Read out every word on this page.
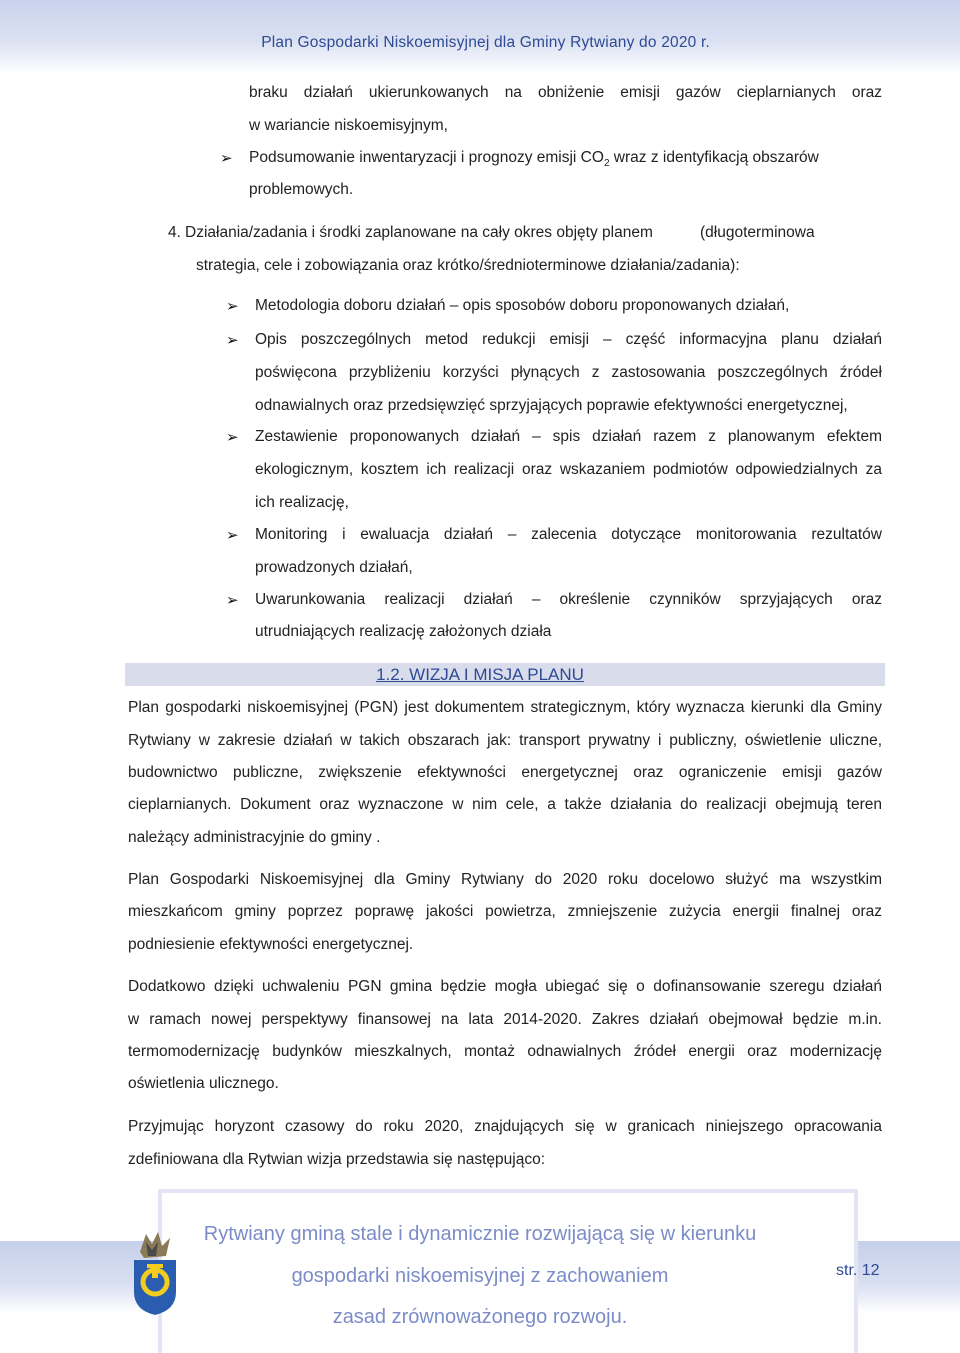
Plan Gospodarki Niskoemisyjnej dla Gminy Rytwiany do 2020 r.
braku działań ukierunkowanych na obniżenie emisji gazów cieplarnianych oraz
w wariancie niskoemisyjnym,
➢ Podsumowanie inwentaryzacji i prognozy emisji $CO_2$ wraz z identyfikacją obszarów
problemowych.
4. Działania/zadania i środki zaplanowane na cały okres objęty planem	(długoterminowa
strategia, cele i zobowiązania oraz krótko/średnioterminowe działania/zadania):
➢ Metodologia doboru działań – opis sposobów doboru proponowanych działań,
➢ Opis poszczególnych metod redukcji emisji – część informacyjna planu działań
poświęcona przybliżeniu korzyści płynących z zastosowania poszczególnych źródeł
odnawialnych oraz przedsięwzięć sprzyjających poprawie efektywności energetycznej,
➢ Zestawienie proponowanych działań – spis działań razem z planowanym efektem
ekologicznym, kosztem ich realizacji oraz wskazaniem podmiotów odpowiedzialnych za
ich realizację,
➢ Monitoring i ewaluacja działań – zalecenia dotyczące monitorowania rezultatów
prowadzonych działań,
➢ Uwarunkowania realizacji działań – określenie czynników sprzyjających oraz
utrudniających realizację założonych działa
1.2. WIZJA I MISJA PLANU
Plan gospodarki niskoemisyjnej (PGN) jest dokumentem strategicznym, który wyznacza kierunki dla Gminy
Rytwiany w zakresie działań w takich obszarach jak: transport prywatny i publiczny, oświetlenie uliczne,
budownictwo publiczne, zwiększenie efektywności energetycznej oraz ograniczenie emisji gazów
cieplarnianych. Dokument oraz wyznaczone w nim cele, a także działania do realizacji obejmują teren
należący administracyjnie do gminy .
Plan Gospodarki Niskoemisyjnej dla Gminy Rytwiany do 2020 roku docelowo służyć ma wszystkim
mieszkańcom gminy poprzez poprawę jakości powietrza, zmniejszenie zużycia energii finalnej oraz
podniesienie efektywności energetycznej.
Dodatkowo dzięki uchwaleniu PGN gmina będzie mogła ubiegać się o dofinansowanie szeregu działań
w ramach nowej perspektywy finansowej na lata 2014-2020. Zakres działań obejmował będzie m.in.
termomodernizację budynków mieszkalnych, montaż odnawialnych źródeł energii oraz modernizację
oświetlenia ulicznego.
Przyjmując horyzont czasowy do roku 2020, znajdujących się w granicach niniejszego opracowania
zdefiniowana dla Rytwian wizja przedstawia się następująco:
Rytwiany gminą stale i dynamicznie rozwijającą się w kierunku
gospodarki niskoemisyjnej z zachowaniem
zasad zrównoważonego rozwoju.
str. 12
